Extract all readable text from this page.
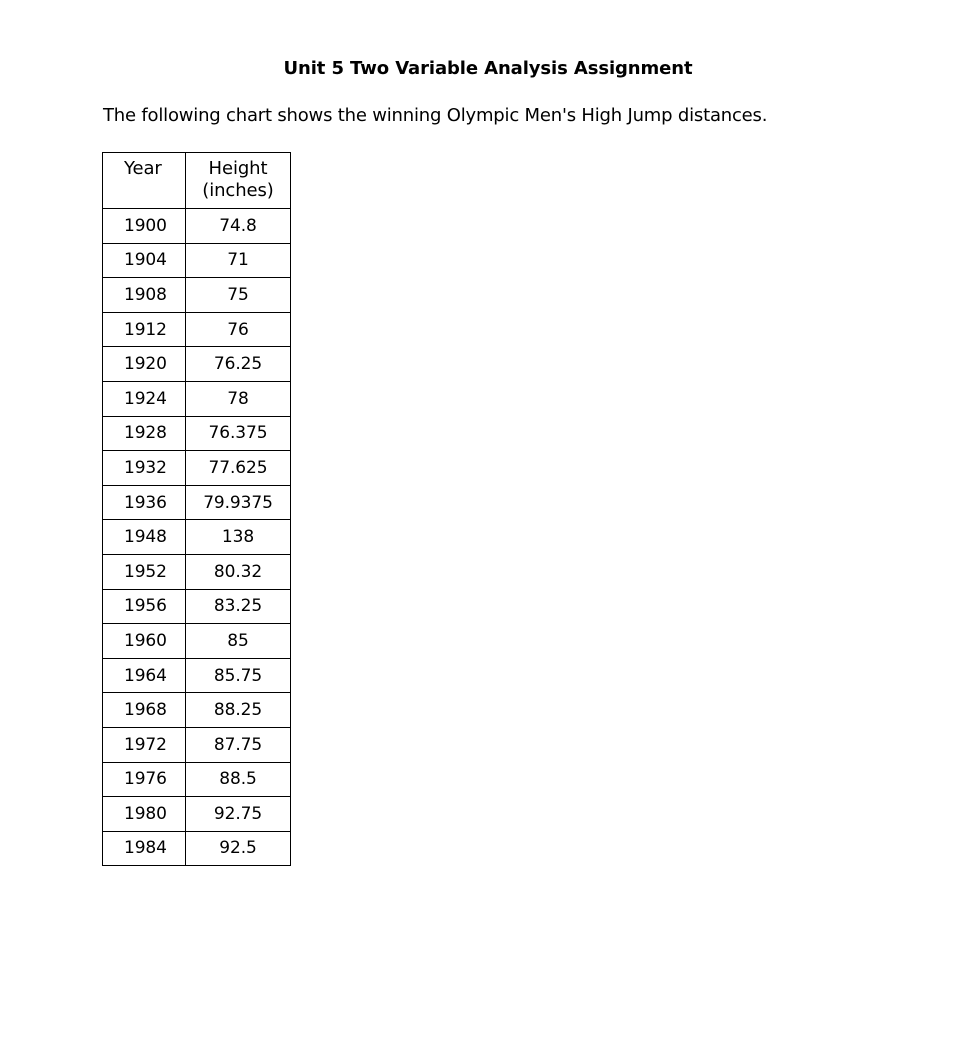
Unit 5 Two Variable Analysis Assignment
The following chart shows the winning Olympic Men's High Jump distances.
Year	Height
(inches)

1900	74.8
1904	71
1908	75
1912	76
1920	76.25
1924	78
1928	76.375
1932	77.625
1936	79.9375
1948	138
1952	80.32
1956	83.25
1960	85
1964	85.75
1968	88.25
1972	87.75
1976	88.5
1980	92.75
1984	92.5
